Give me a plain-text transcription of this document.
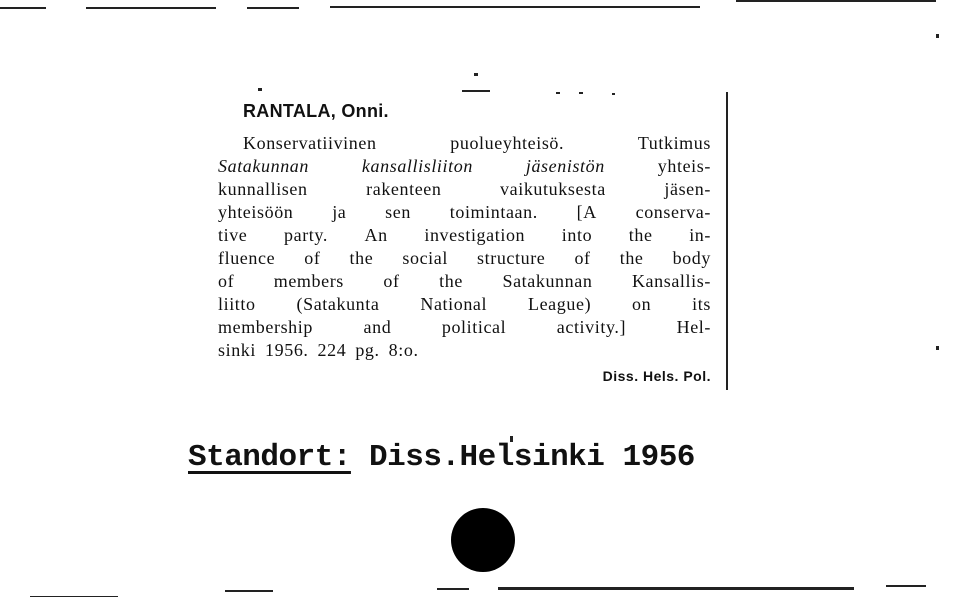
RANTALA, Onni.
Konservatiivinen	puolueyhteisö.	Tutkimus
Satakunnan	kansallisliiton	jäsenistön	yhteis-
kunnallisen	rakenteen	vaikutuksesta	jäsen-
yhteisöön ja sen toimintaan. [A conserva-
tive party. An investigation into the in-
fluence of the social structure of the body
of members of the Satakunnan Kansallis-
liitto (Satakunta National League) on its
membership	and	political	activity.]	Hel-
sinki 1956. 224 pg. 8:o.
Diss. Hels. Pol.
Standort: Diss.Helsinki 1956
